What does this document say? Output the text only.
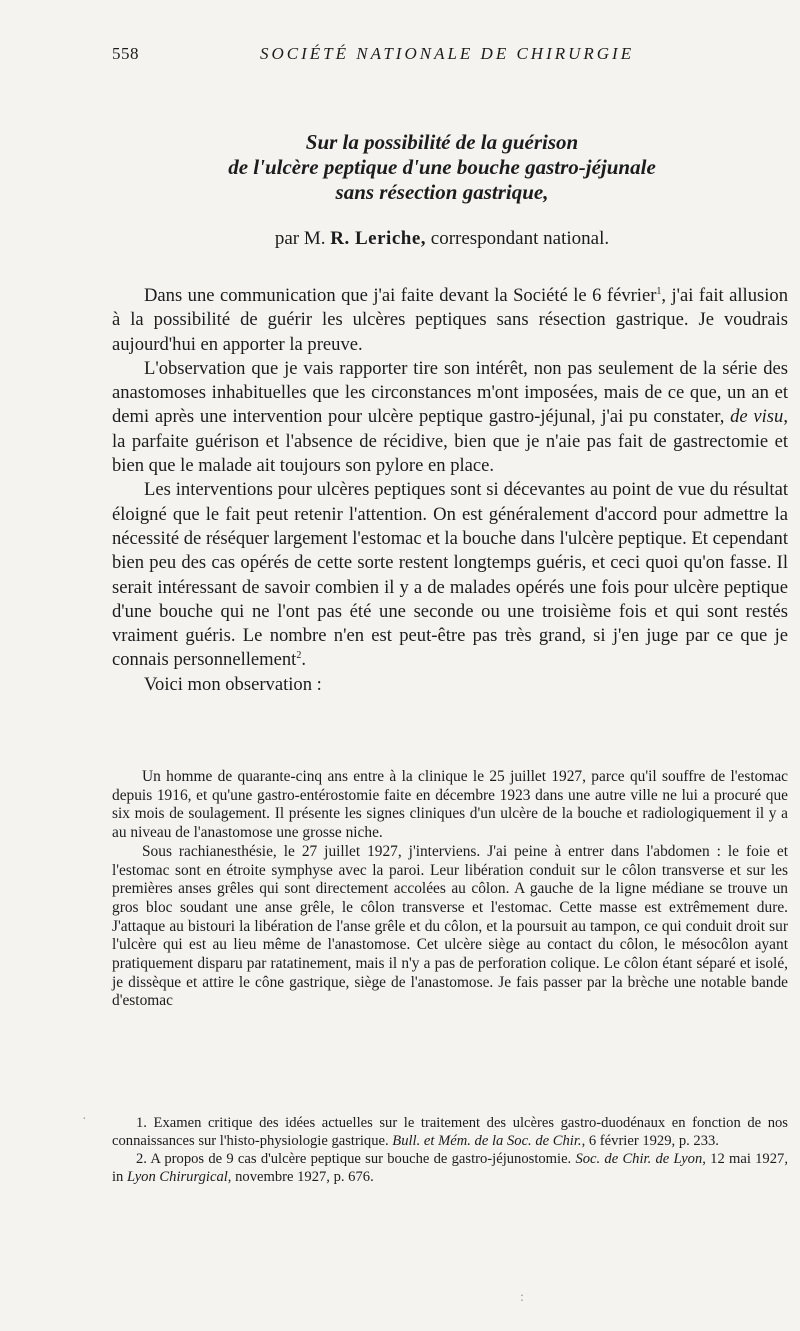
558	SOCIÉTÉ NATIONALE DE CHIRURGIE
Sur la possibilité de la guérison
de l'ulcère peptique d'une bouche gastro-jéjunale
sans résection gastrique,
par M. R. Leriche, correspondant national.

Dans une communication que j'ai faite devant la Société le 6 février$^1$, j'ai fait allusion à la possibilité de guérir les ulcères peptiques sans résection gastrique. Je voudrais aujourd'hui en apporter la preuve.

L'observation que je vais rapporter tire son intérêt, non pas seulement de la série des anastomoses inhabituelles que les circonstances m'ont imposées, mais de ce que, un an et demi après une intervention pour ulcère peptique gastro-jéjunal, j'ai pu constater, de visu, la parfaite guérison et l'absence de récidive, bien que je n'aie pas fait de gastrectomie et bien que le malade ait toujours son pylore en place.

Les interventions pour ulcères peptiques sont si décevantes au point de vue du résultat éloigné que le fait peut retenir l'attention. On est généralement d'accord pour admettre la nécessité de réséquer largement l'estomac et la bouche dans l'ulcère peptique. Et cependant bien peu des cas opérés de cette sorte restent longtemps guéris, et ceci quoi qu'on fasse. Il serait intéressant de savoir combien il y a de malades opérés une fois pour ulcère peptique d'une bouche qui ne l'ont pas été une seconde ou une troisième fois et qui sont restés vraiment guéris. Le nombre n'en est peut-être pas très grand, si j'en juge par ce que je connais personnellement$^2$.

Voici mon observation :

Un homme de quarante-cinq ans entre à la clinique le 25 juillet 1927, parce qu'il souffre de l'estomac depuis 1916, et qu'une gastro-entérostomie faite en décembre 1923 dans une autre ville ne lui a procuré que six mois de soulagement. Il présente les signes cliniques d'un ulcère de la bouche et radiologiquement il y a au niveau de l'anastomose une grosse niche.

Sous rachianesthésie, le 27 juillet 1927, j'interviens. J'ai peine à entrer dans l'abdomen : le foie et l'estomac sont en étroite symphyse avec la paroi. Leur libération conduit sur le côlon transverse et sur les premières anses grêles qui sont directement accolées au côlon. A gauche de la ligne médiane se trouve un gros bloc soudant une anse grêle, le côlon transverse et l'estomac. Cette masse est extrêmement dure. J'attaque au bistouri la libération de l'anse grêle et du côlon, et la poursuit au tampon, ce qui conduit droit sur l'ulcère qui est au lieu même de l'anastomose. Cet ulcère siège au contact du côlon, le mésocôlon ayant pratiquement disparu par ratatinement, mais il n'y a pas de perforation colique. Le côlon étant séparé et isolé, je dissèque et attire le cône gastrique, siège de l'anastomose. Je fais passer par la brèche une notable bande d'estomac

1. Examen critique des idées actuelles sur le traitement des ulcères gastro-duodénaux en fonction de nos connaissances sur l'histo-physiologie gastrique. Bull. et Mém. de la Soc. de Chir., 6 février 1929, p. 233.

2. A propos de 9 cas d'ulcère peptique sur bouche de gastro-jéjunostomie. Soc. de Chir. de Lyon, 12 mai 1927, in Lyon Chirurgical, novembre 1927, p. 676.

·
:
